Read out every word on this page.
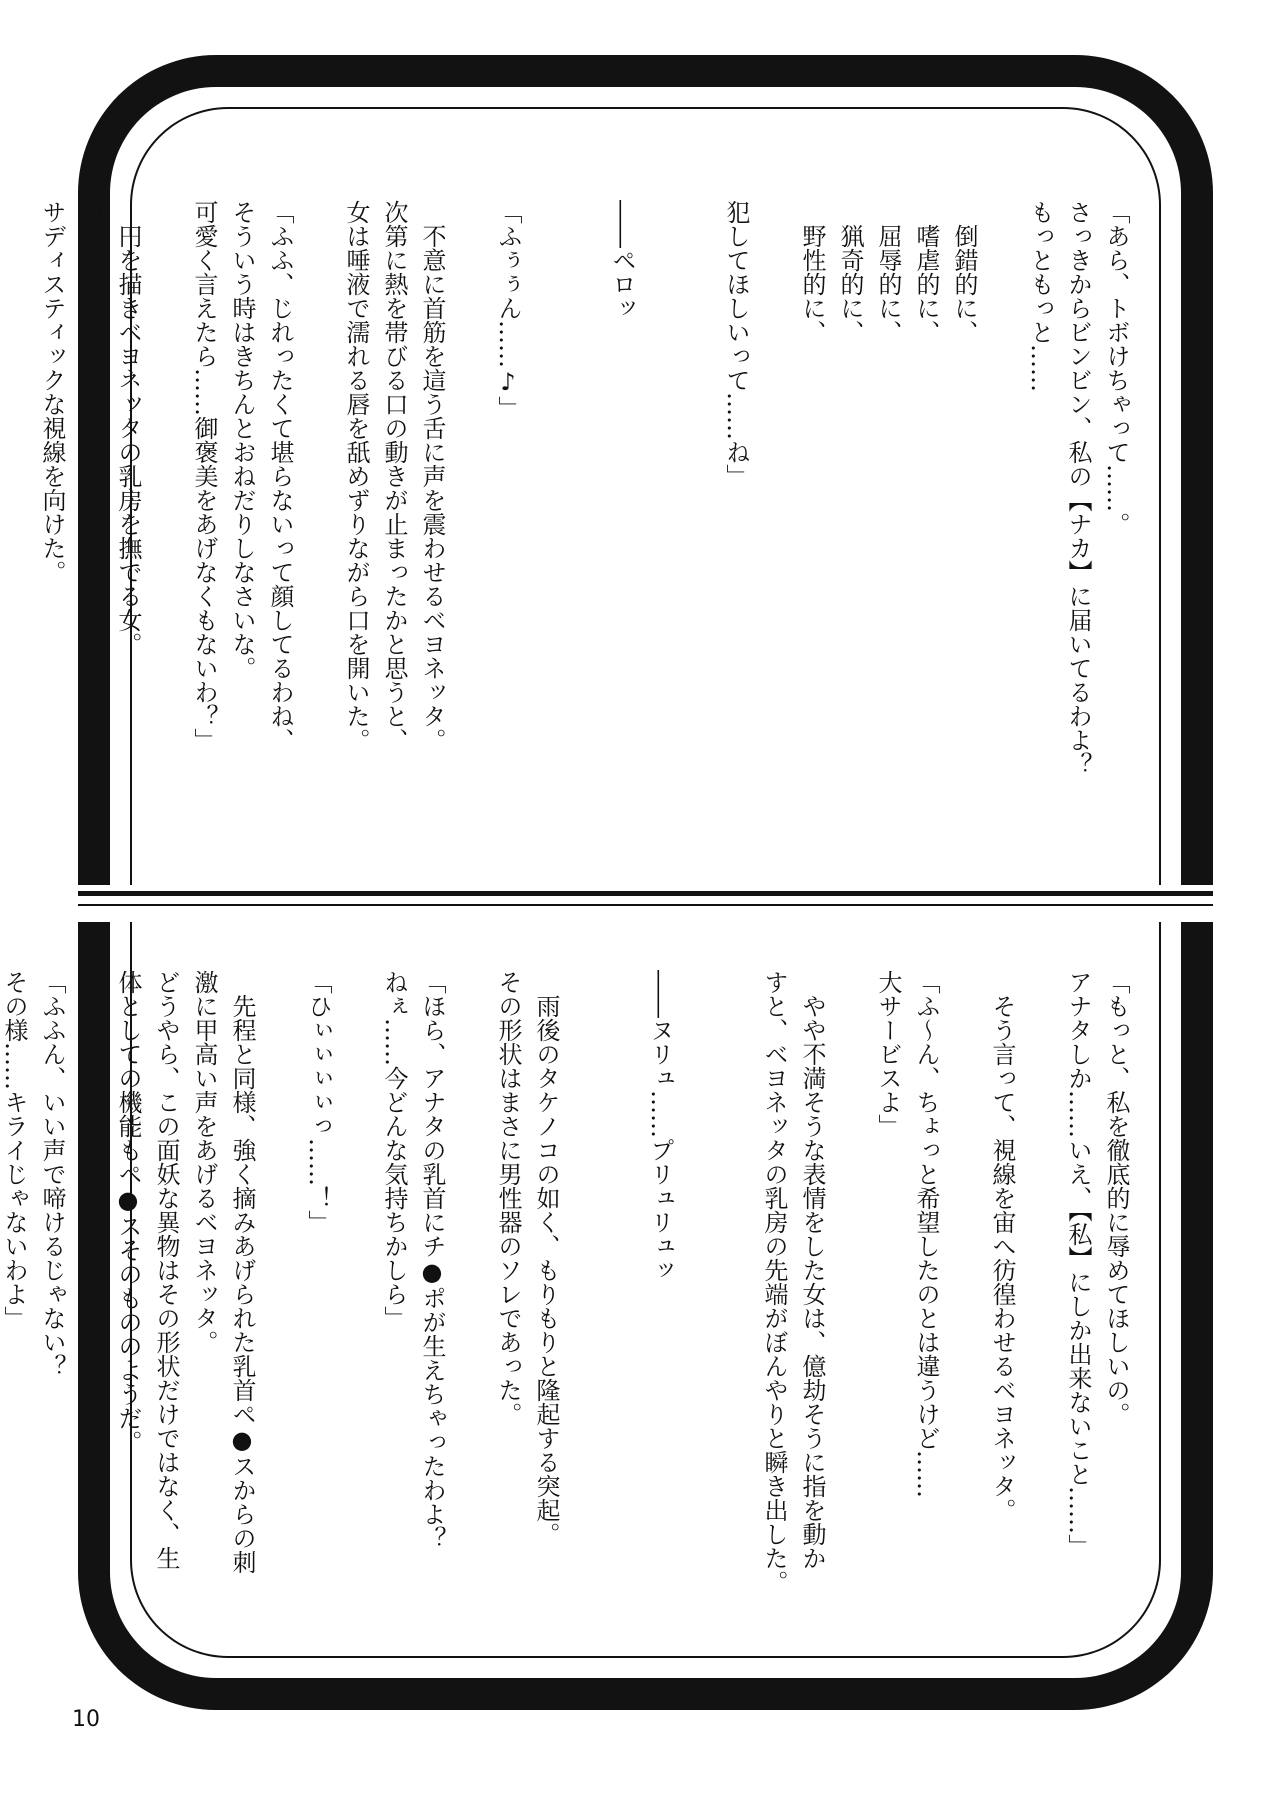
「あら、トボけちゃって……。
さっきからビンビン、私の【ナカ】に届いてるわよ？
もっともっと……
　倒錯的に、
　嗜虐的に、
　屈辱的に、
　猟奇的に、
　野性的に、
犯してほしいって……ね」
――ペロッ
「ふぅぅん……♪」
　不意に首筋を這う舌に声を震わせるベヨネッタ。
次第に熱を帯びる口の動きが止まったかと思うと、
女は唾液で濡れる唇を舐めずりながら口を開いた。
「ふふ、じれったくて堪らないって顔してるわね、
そういう時はきちんとおねだりしなさいな。
可愛く言えたら……御褒美をあげなくもないわ？」
　円を描きベヨネッタの乳房を撫でる女。
再度、ベヨネッタの首筋に舌を這わせると
サディスティックな視線を向けた。
「もっと、私を徹底的に辱めてほしいの。
アナタしか……いえ、【私】にしか出来ないこと……」
　そう言って、視線を宙へ彷徨わせるベヨネッタ。
「ふ～ん、ちょっと希望したのとは違うけど……
大サービスよ」
　やや不満そうな表情をした女は、億劫そうに指を動か
すと、ベヨネッタの乳房の先端がぼんやりと瞬き出した。
――ヌリュ……プリュリュッ
　雨後のタケノコの如く、もりもりと隆起する突起。
その形状はまさに男性器のソレであった。
「ほら、アナタの乳首にチ●ポが生えちゃったわよ？
ねぇ……今どんな気持ちかしら」
「ひぃぃぃぃっ……！」
　先程と同様、強く摘みあげられた乳首ペ●スからの刺
激に甲高い声をあげるベヨネッタ。
どうやら、この面妖な異物はその形状だけではなく、生
体としての機能もペ●スそのもののようだ。
「ふふん、いい声で啼けるじゃない？
その様……キライじゃないわよ」
10
